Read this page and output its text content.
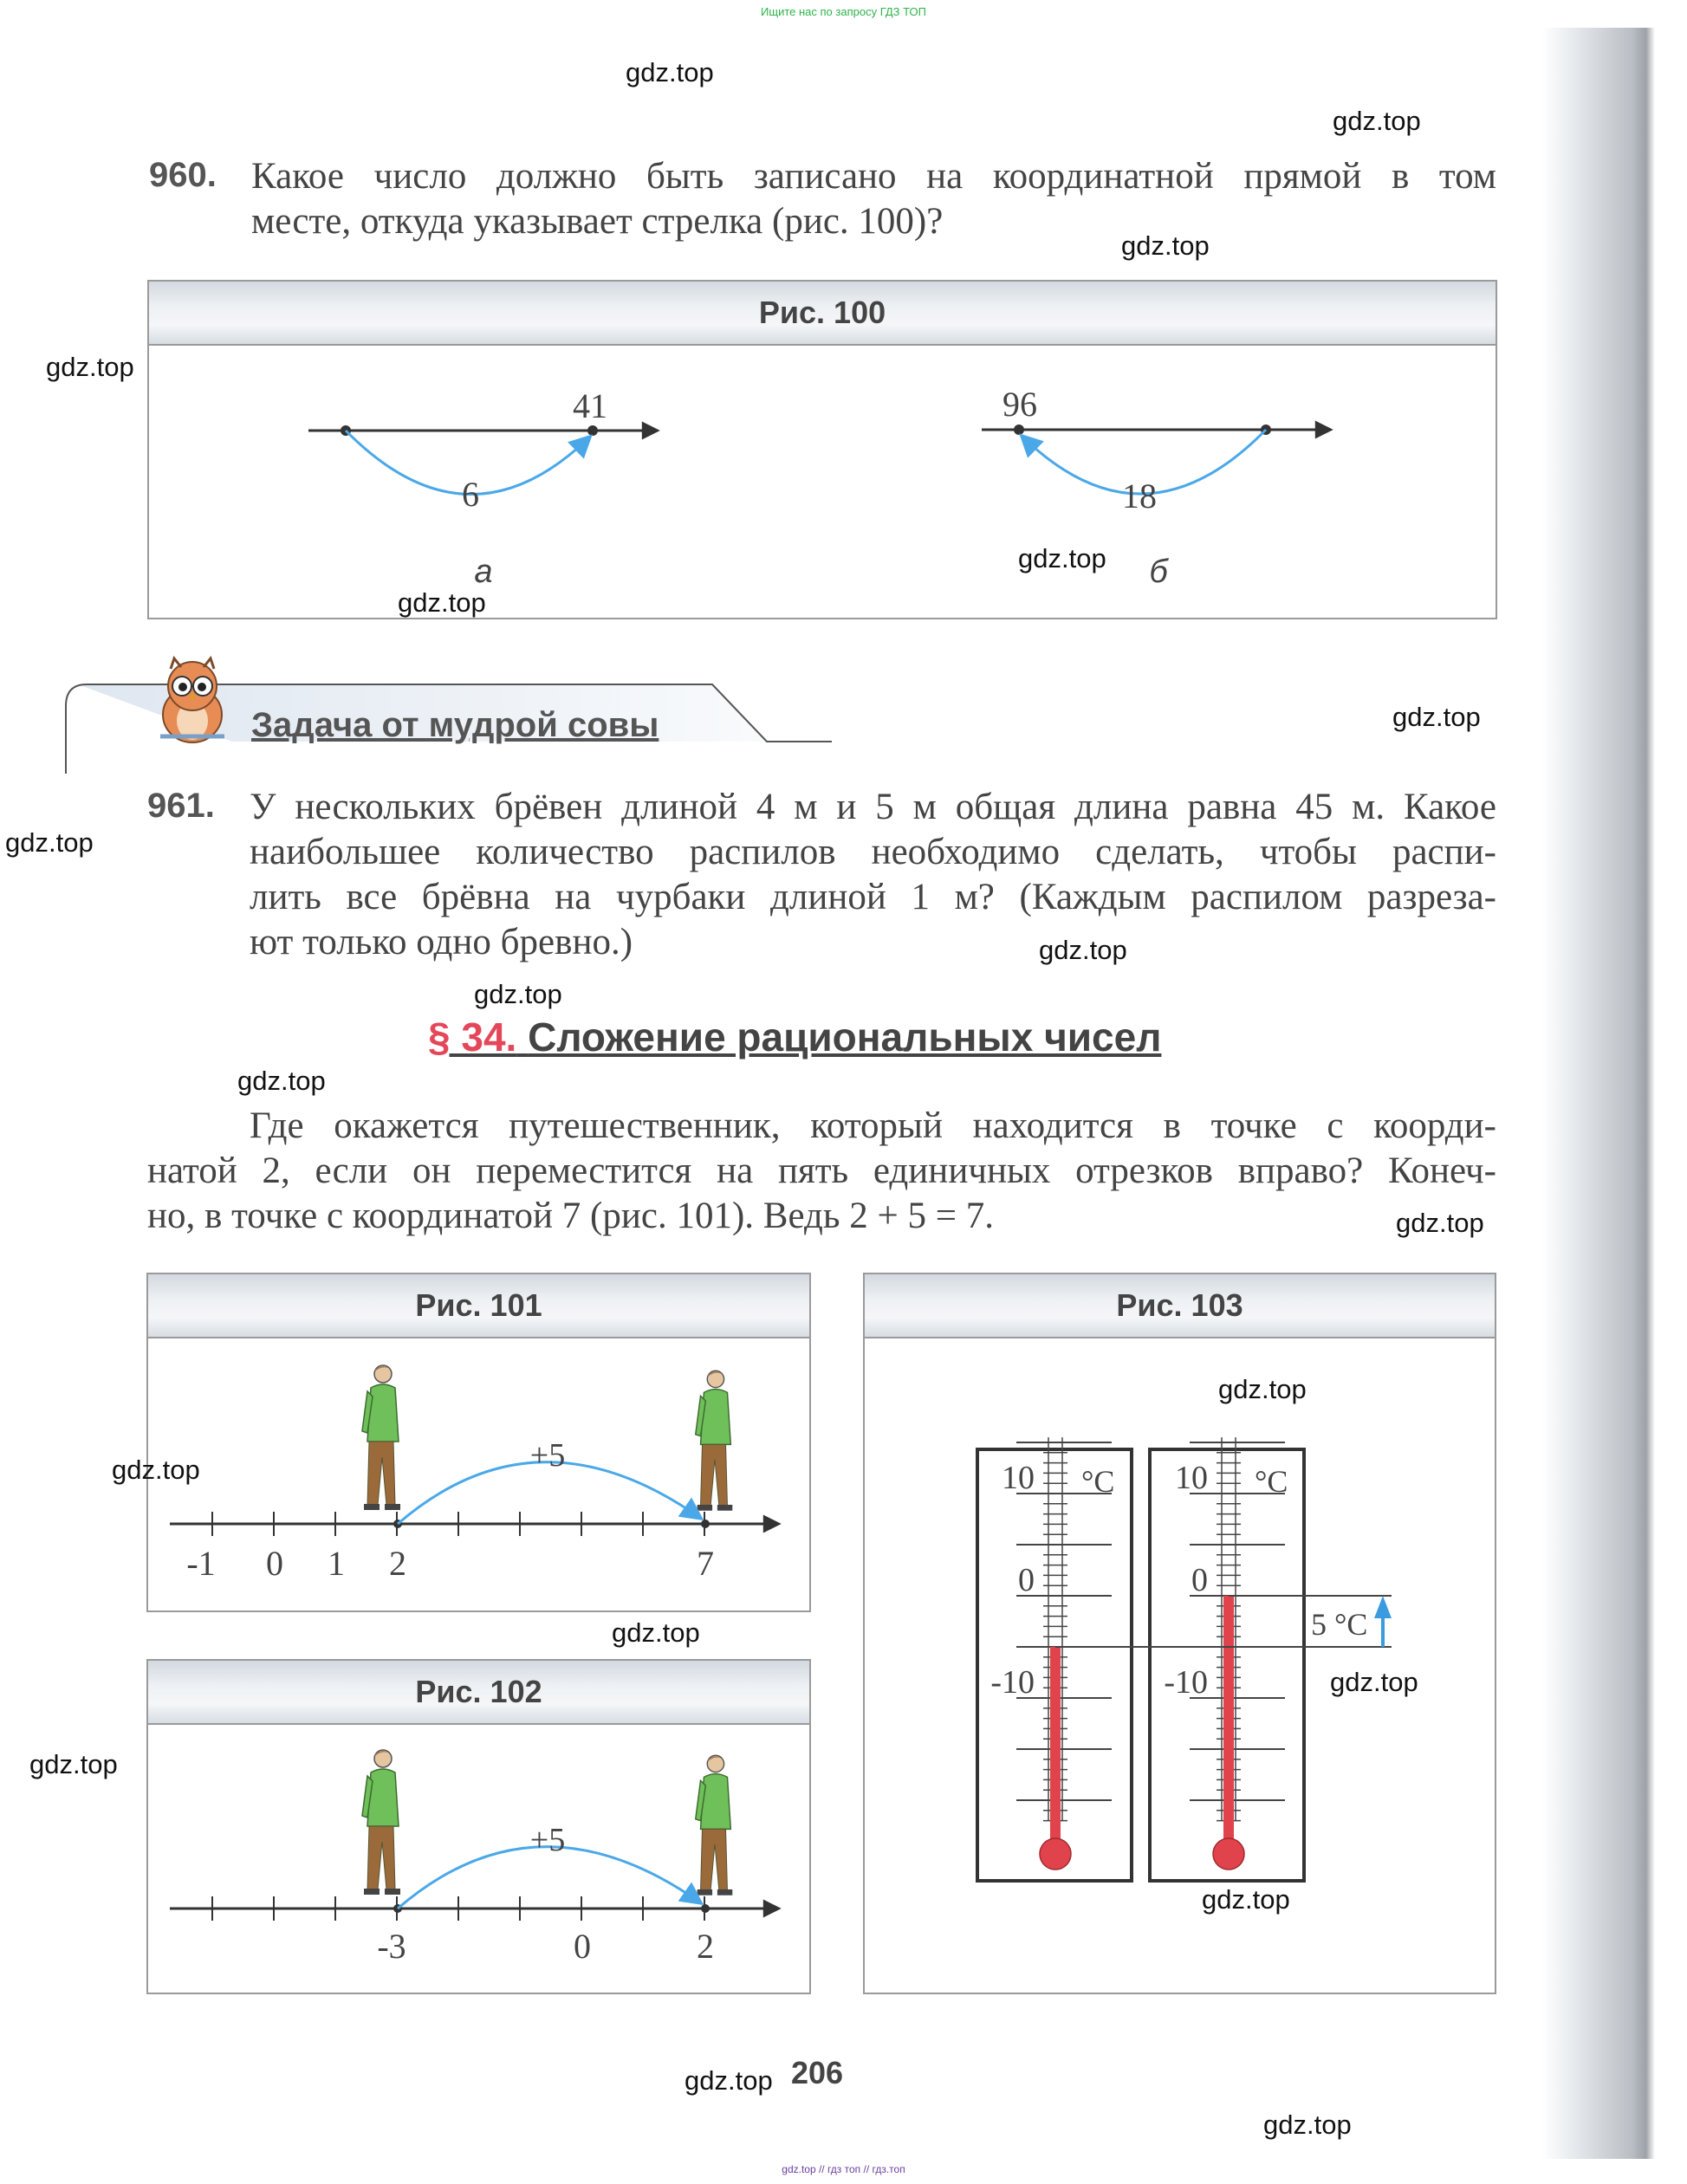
Ищите нас по запросу ГДЗ ТОП
960. Какое число должно быть записано на координатной прямой в том
месте, откуда указывает стрелка (рис. 100)?
Рис. 100
41
6
а
96
18
б
+5
-1 0 1 2	7
+5
-3	0	2
10
0
-10
°C 10
0
-10
°C
5 °C
Задача от мудрой совы
961. У нескольких брёвен длиной 4 м и 5 м общая длина равна 45 м. Какое
наибольшее количество распилов необходимо сделать, чтобы распи-
лить все брёвна на чурбаки длиной 1 м? (Каждым распилом разреза-
ют только одно бревно.)
§ 34. Сложение рациональных чисел
Где окажется путешественник, который находится в точке с коорди-
натой 2, если он переместится на пять единичных отрезков вправо? Конеч-
но, в точке с координатой 7 (рис. 101). Ведь 2 + 5 = 7.
Рис. 101
Рис. 102
Рис. 103
206
gdz.top // гдз топ // гдз.топ
gdz.top
gdz.top
gdz.top
gdz.top
gdz.top
gdz.top
gdz.top
gdz.top
gdz.top
gdz.top
gdz.top
gdz.top
gdz.top
gdz.top
gdz.top
gdz.top
gdz.top
gdz.top
gdz.top
gdz.top
